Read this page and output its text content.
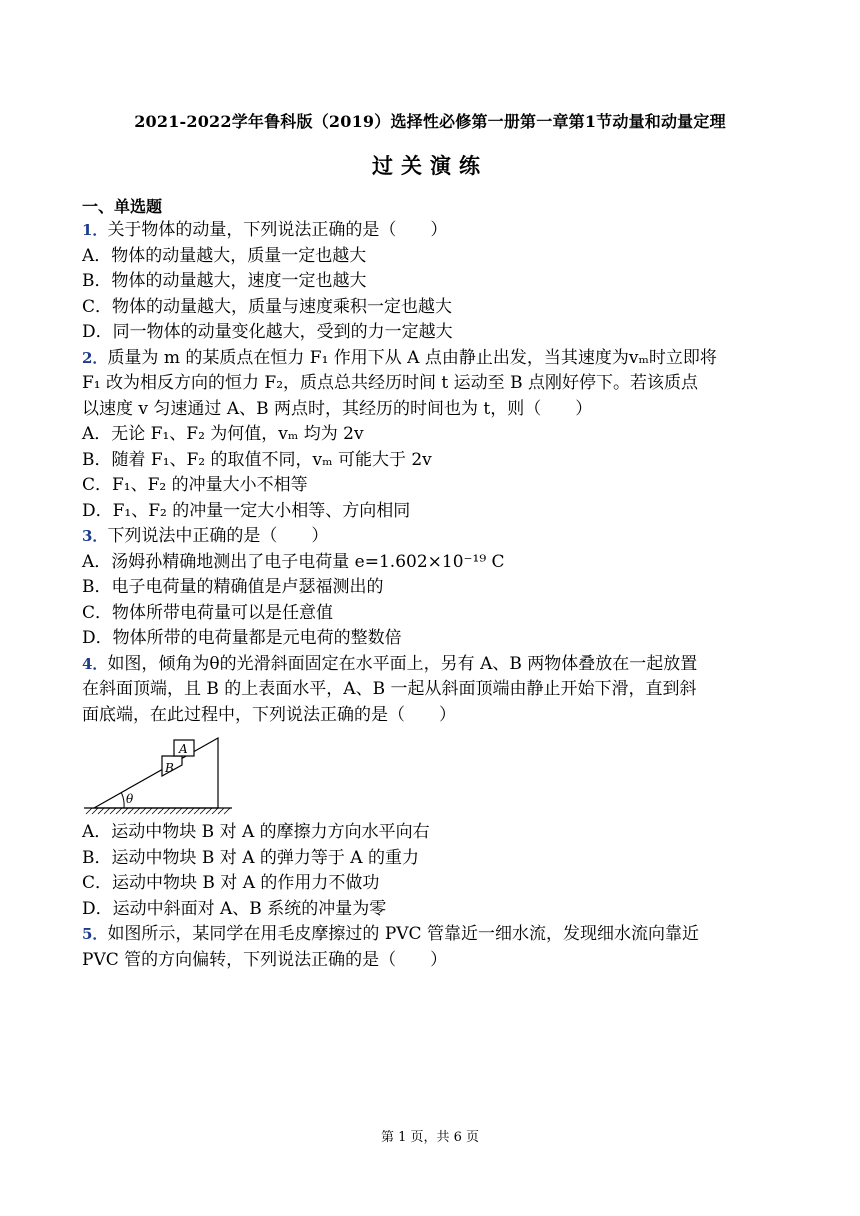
2021-2022学年鲁科版（2019）选择性必修第一册第一章第1节动量和动量定理
过关演练
一、单选题
1．关于物体的动量，下列说法正确的是（　　）
A．物体的动量越大，质量一定也越大
B．物体的动量越大，速度一定也越大
C．物体的动量越大，质量与速度乘积一定也越大
D．同一物体的动量变化越大，受到的力一定越大
2．质量为 m 的某质点在恒力 F₁ 作用下从 A 点由静止出发，当其速度为vₘ时立即将
F₁ 改为相反方向的恒力 F₂，质点总共经历时间 t 运动至 B 点刚好停下。若该质点
以速度 v 匀速通过 A、B 两点时，其经历的时间也为 t，则（　　）
A．无论 F₁、F₂ 为何值，vₘ 均为 2v
B．随着 F₁、F₂ 的取值不同，vₘ 可能大于 2v
C．F₁、F₂ 的冲量大小不相等
D．F₁、F₂ 的冲量一定大小相等、方向相同
3．下列说法中正确的是（　　）
A．汤姆孙精确地测出了电子电荷量 e=1.602×10⁻¹⁹ C
B．电子电荷量的精确值是卢瑟福测出的
C．物体所带电荷量可以是任意值
D．物体所带的电荷量都是元电荷的整数倍
4．如图，倾角为θ的光滑斜面固定在水平面上，另有 A、B 两物体叠放在一起放置
在斜面顶端，且 B 的上表面水平，A、B 一起从斜面顶端由静止开始下滑，直到斜
面底端，在此过程中，下列说法正确的是（　　）
θ
B
A
A．运动中物块 B 对 A 的摩擦力方向水平向右
B．运动中物块 B 对 A 的弹力等于 A 的重力
C．运动中物块 B 对 A 的作用力不做功
D．运动中斜面对 A、B 系统的冲量为零
5．如图所示，某同学在用毛皮摩擦过的 PVC 管靠近一细水流，发现细水流向靠近
PVC 管的方向偏转，下列说法正确的是（　　）
第 1 页，共 6 页
